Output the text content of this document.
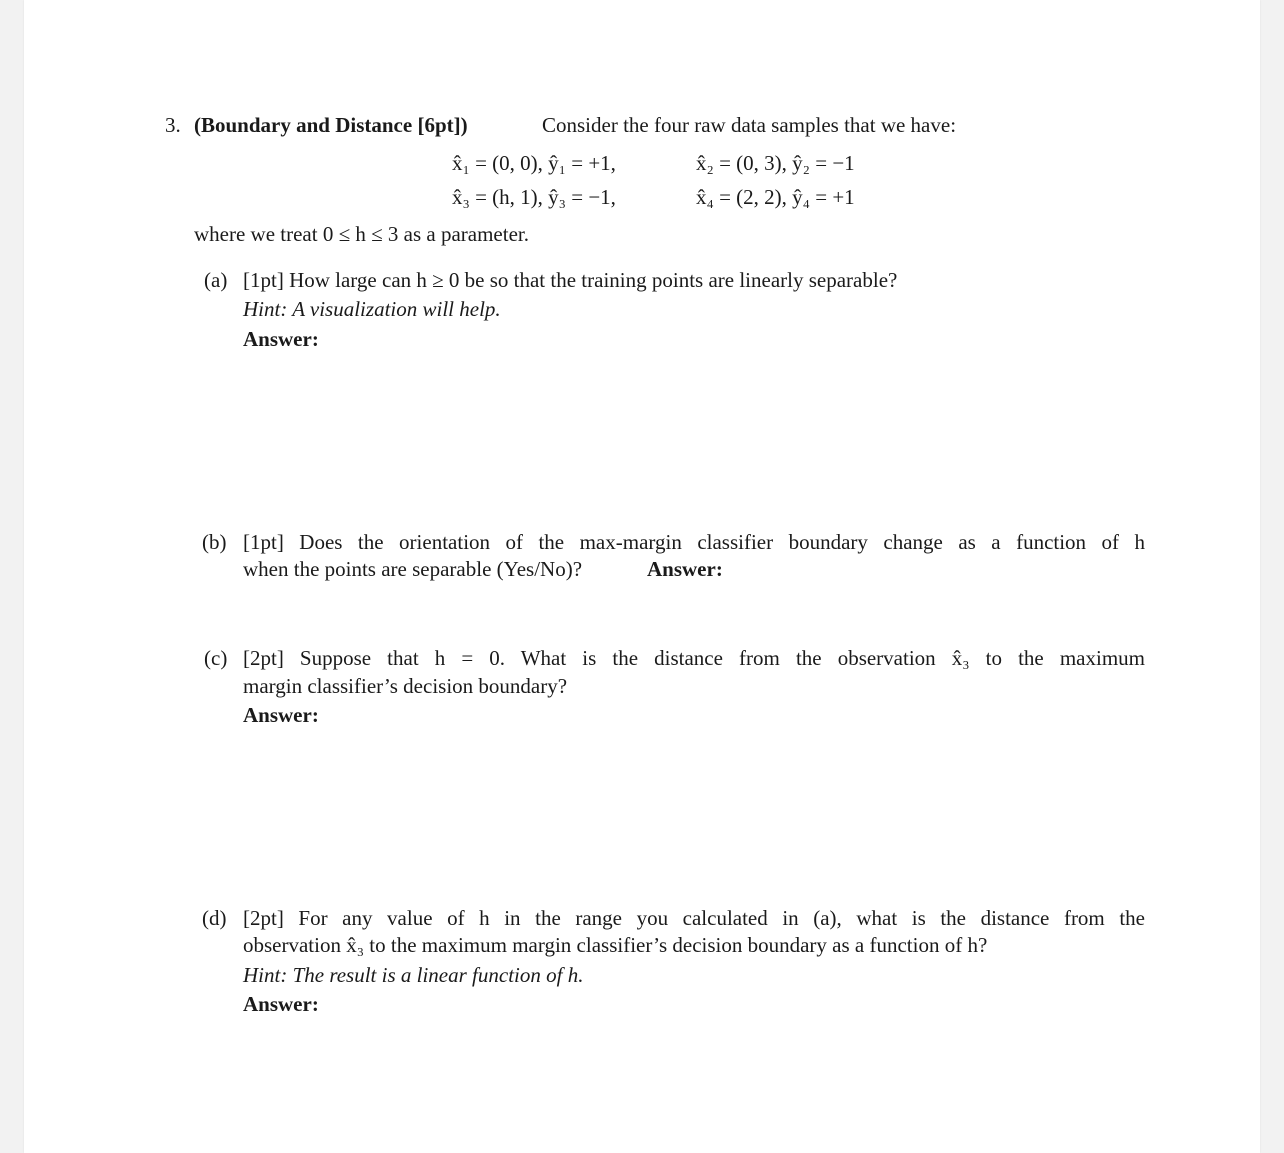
3. (Boundary and Distance [6pt])	Consider the four raw data samples that we have:
x̂₁ = (0, 0), ŷ₁ = +1,	x̂₂ = (0, 3), ŷ₂ = −1
x̂₃ = (h, 1), ŷ₃ = −1,	x̂₄ = (2, 2), ŷ₄ = +1
where we treat 0 ≤ h ≤ 3 as a parameter.
(a) [1pt] How large can h ≥ 0 be so that the training points are linearly separable?
Hint: A visualization will help.
Answer:
(b) [1pt] Does the orientation of the max-margin classifier boundary change as a function of h
when the points are separable (Yes/No)?	Answer:
(c) [2pt] Suppose that h = 0. What is the distance from the observation x̂₃ to the maximum
margin classifier’s decision boundary?
Answer:
(d) [2pt] For any value of h in the range you calculated in (a), what is the distance from the
observation x̂₃ to the maximum margin classifier’s decision boundary as a function of h?
Hint: The result is a linear function of h.
Answer:
